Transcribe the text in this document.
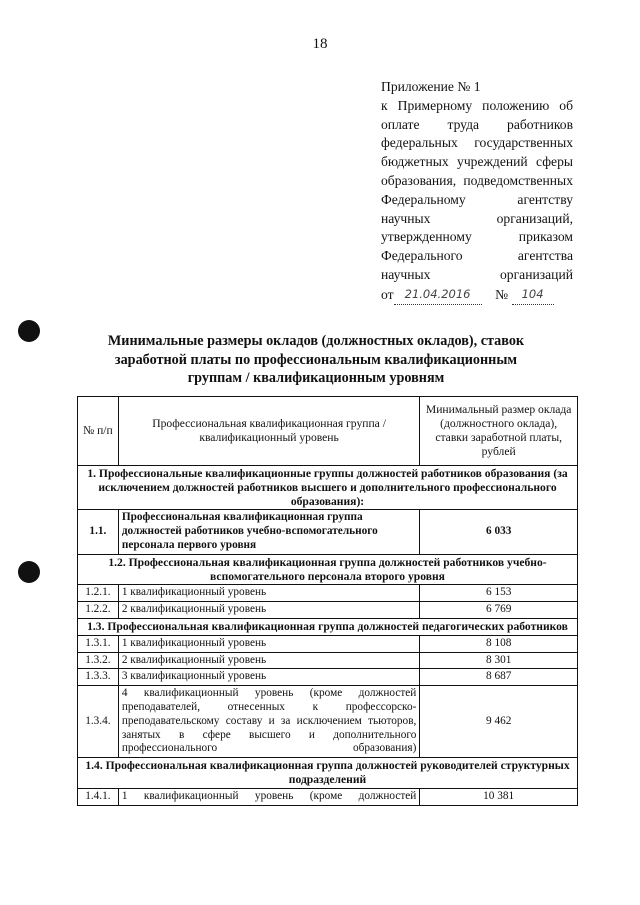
18
Приложение № 1
к Примерному положению об оплате труда работников федеральных государственных бюджетных учреждений сферы образования, подведомственных Федеральному агентству научных организаций, утвержденному приказом Федерального агентства научных организаций
от 21.04.2016 № 104
Минимальные размеры окладов (должностных окладов), ставок заработной платы по профессиональным квалификационным группам / квалификационным уровням
№ п/п	Профессиональная квалификационная группа / квалификационный уровень	Минимальный размер оклада (должностного оклада), ставки заработной платы, рублей
1. Профессиональные квалификационные группы должностей работников образования (за исключением должностей работников высшего и дополнительного профессионального образования):		
1.1.	Профессиональная квалификационная группа должностей работников учебно-вспомогательного персонала первого уровня	6 033
1.2. Профессиональная квалификационная группа должностей работников учебно-вспомогательного персонала второго уровня		
1.2.1.	1 квалификационный уровень	6 153
1.2.2.	2 квалификационный уровень	6 769
1.3. Профессиональная квалификационная группа должностей педагогических работников		
1.3.1.	1 квалификационный уровень	8 108
1.3.2.	2 квалификационный уровень	8 301
1.3.3.	3 квалификационный уровень	8 687
1.3.4.	4 квалификационный уровень (кроме должностей преподавателей, отнесенных к профессорско-преподавательскому составу и за исключением тьюторов, занятых в сфере высшего и дополнительного профессионального образования)	9 462
1.4. Профессиональная квалификационная группа должностей руководителей структурных подразделений		
1.4.1.	1 квалификационный уровень (кроме должностей	10 381
